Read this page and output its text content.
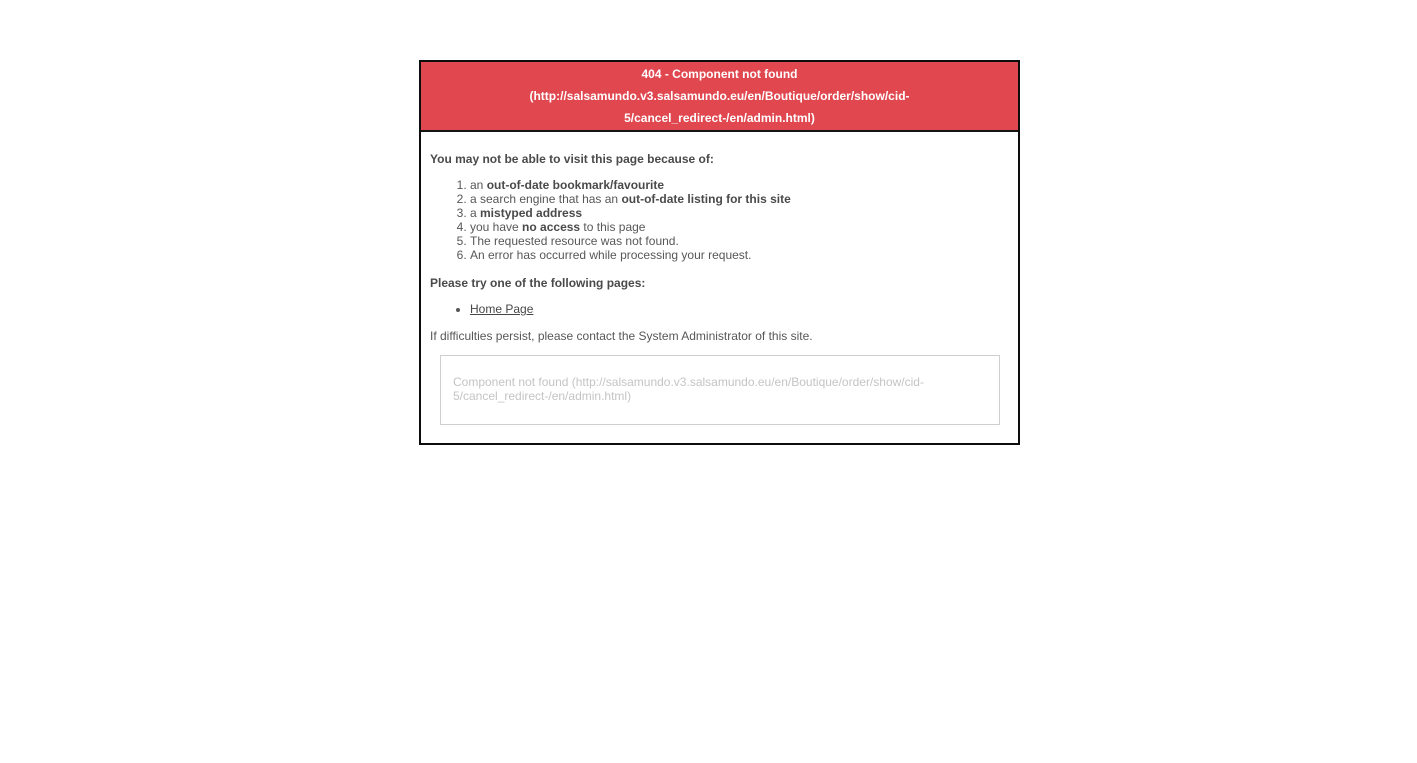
404 - Component not found (http://salsamundo.v3.salsamundo.eu/en/Boutique/order/show/cid-5/cancel_redirect-/en/admin.html)

You may not be able to visit this page because of:

1. an out-of-date bookmark/favourite
2. a search engine that has an out-of-date listing for this site
3. a mistyped address
4. you have no access to this page
5. The requested resource was not found.
6. An error has occurred while processing your request.

Please try one of the following pages:

• Home Page

If difficulties persist, please contact the System Administrator of this site.

Component not found (http://salsamundo.v3.salsamundo.eu/en/Boutique/order/show/cid-5/cancel_redirect-/en/admin.html)
